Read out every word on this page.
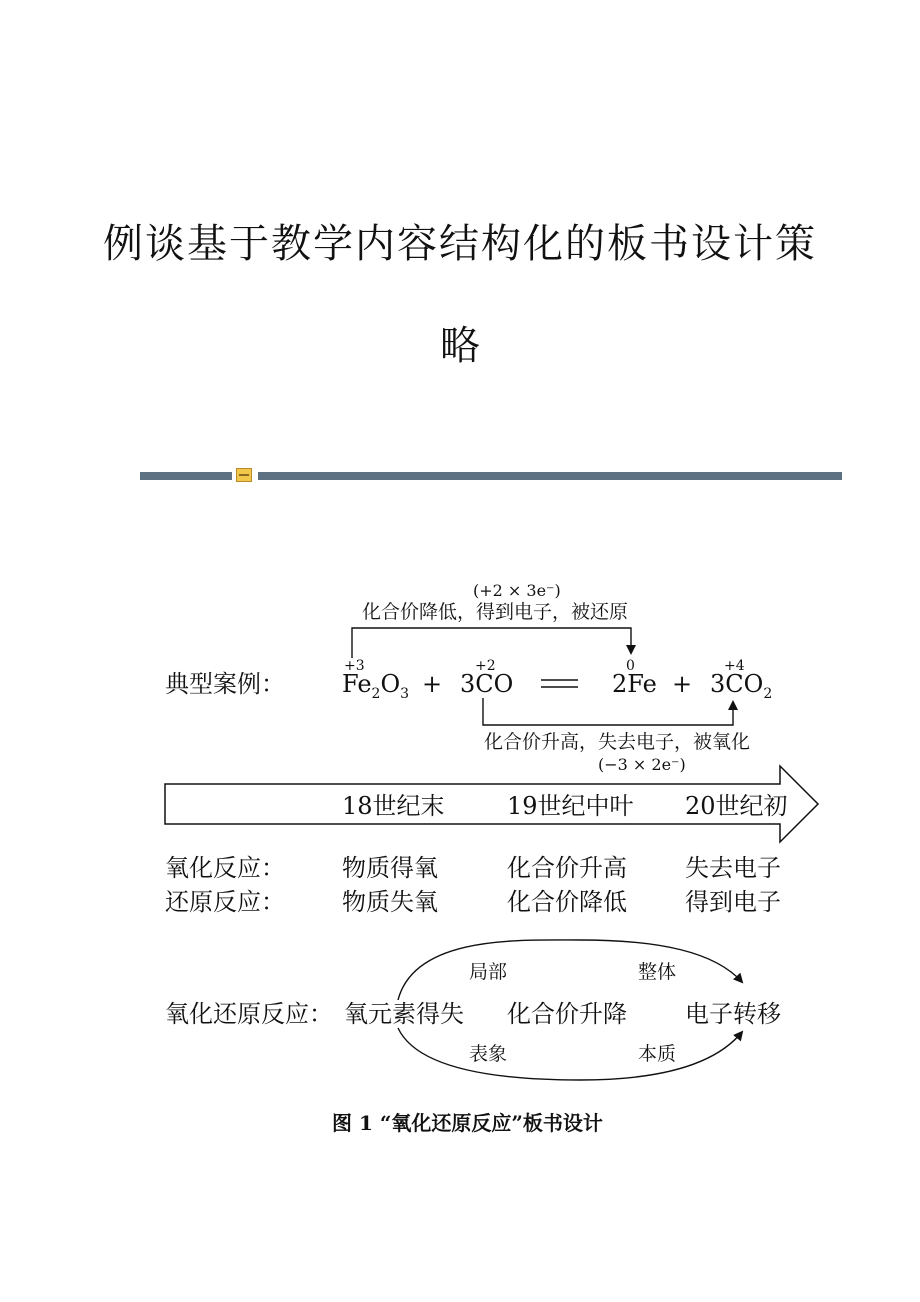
例谈基于教学内容结构化的板书设计策
略
(+2 × 3e⁻)
化合价降低，得到电子，被还原
典型案例：
+3
$Fe_2O_3$ +
+2
3CO
0
2Fe +
+4
$3CO_2$
化合价升高，失去电子，被氧化
(−3 × 2e⁻)
18世纪末	19世纪中叶 20世纪初
氧化反应： 物质得氧	化合价升高 失去电子
还原反应： 物质失氧	化合价降低 得到电子
局部	整体
氧化还原反应： 氧元素得失 化合价升降 电子转移
表象	本质
图 1 “氧化还原反应”板书设计
